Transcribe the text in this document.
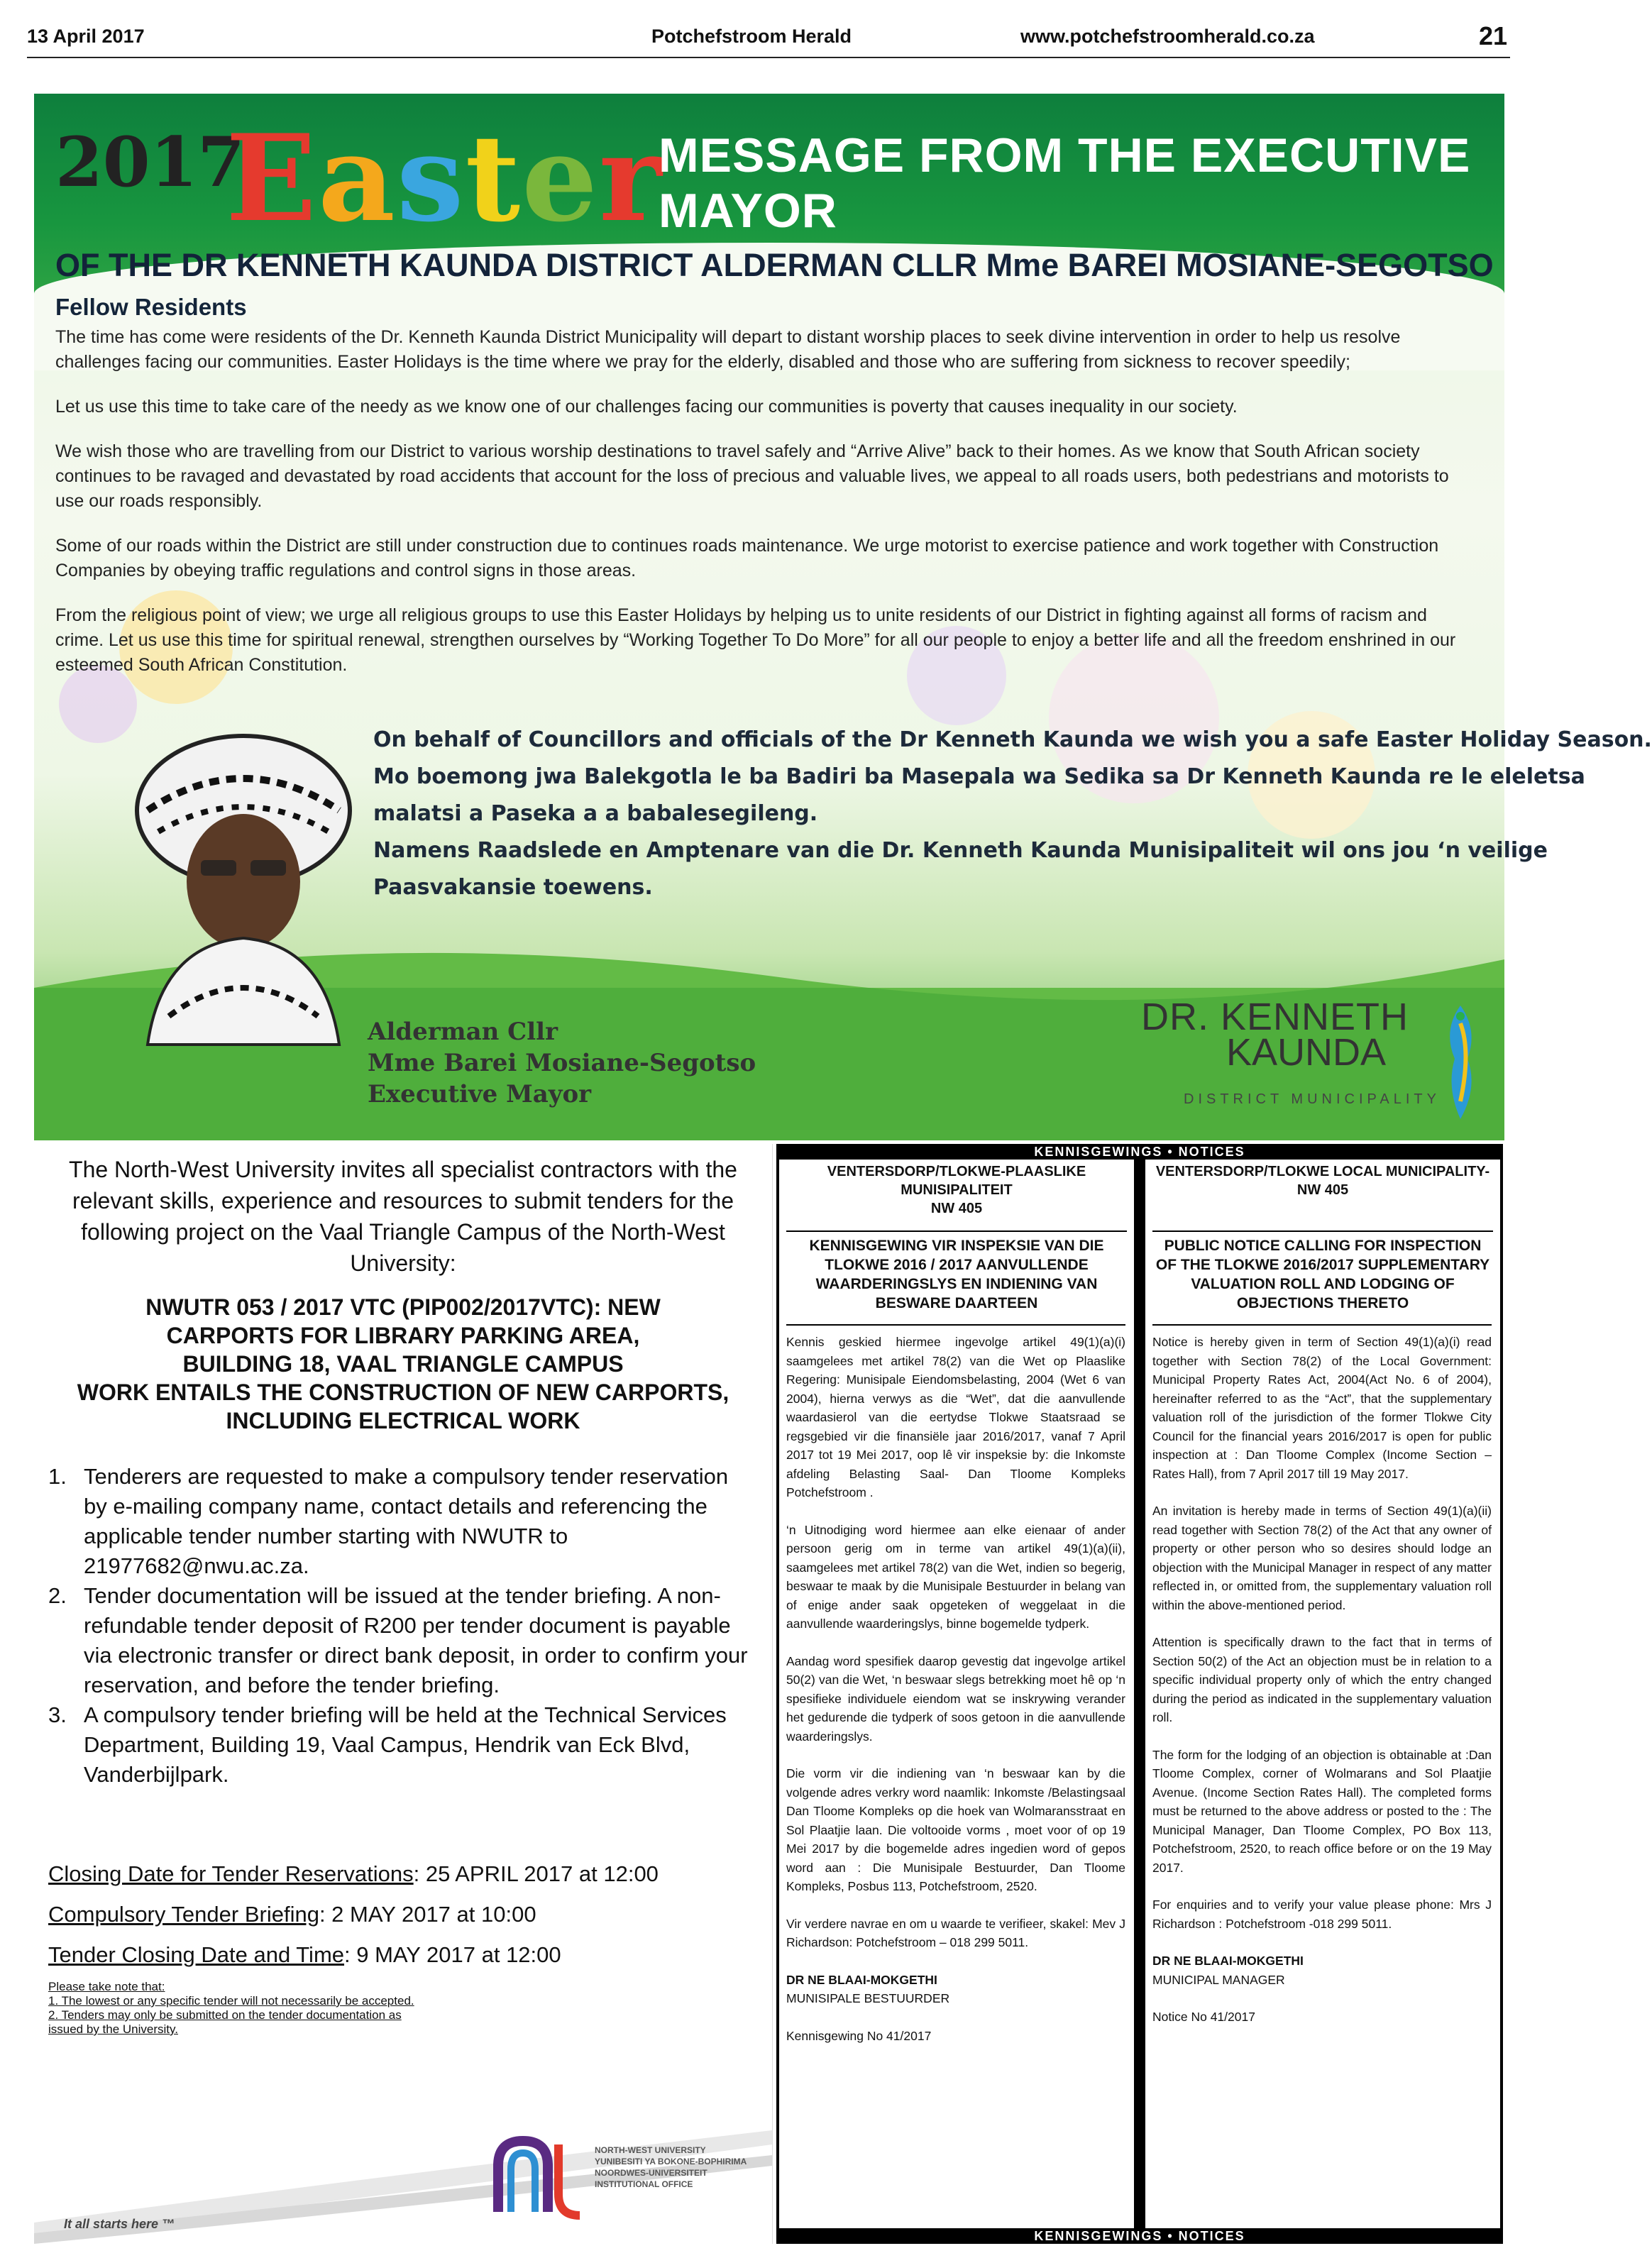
13 April 2017	Potchefstroom Herald	www.potchefstroomherald.co.za	21
2017
Easter
MESSAGE FROM THE EXECUTIVE MAYOR
OF THE DR KENNETH KAUNDA DISTRICT ALDERMAN CLLR Mme BAREI MOSIANE-SEGOTSO
Fellow Residents

The time has come were residents of the Dr. Kenneth Kaunda District Municipality will depart to distant worship places to seek divine intervention in order to help us resolve challenges facing our communities. Easter Holidays is the time where we pray for the elderly, disabled and those who are suffering from sickness to recover speedily;

Let us use this time to take care of the needy as we know one of our challenges facing our communities is poverty that causes inequality in our society.

We wish those who are travelling from our District to various worship destinations to travel safely and “Arrive Alive” back to their homes. As we know that South African society continues to be ravaged and devastated by road accidents that account for the loss of precious and valuable lives, we appeal to all roads users, both pedestrians and motorists to use our roads responsibly.

Some of our roads within the District are still under construction due to continues roads maintenance. We urge motorist to exercise patience and work together with Construction Companies by obeying traffic regulations and control signs in those areas.

From the religious point of view; we urge all religious groups to use this Easter Holidays by helping us to unite residents of our District in fighting against all forms of racism and crime. Let us use this time for spiritual renewal, strengthen ourselves by “Working Together To Do More” for all our people to enjoy a better life and all the freedom enshrined in our esteemed South African Constitution.

On behalf of Councillors and officials of the Dr Kenneth Kaunda we wish you a safe Easter Holiday Season.
Mo boemong jwa Balekgotla le ba Badiri ba Masepala wa Sedika sa Dr Kenneth Kaunda re le eleletsa
malatsi a Paseka a a babalesegileng.
Namens Raadslede en Amptenare van die Dr. Kenneth Kaunda Munisipaliteit wil ons jou ‘n veilige
Paasvakansie toewens.
Alderman Cllr
Mme Barei Mosiane-Segotso
Executive Mayor
DR. KENNETH
KAUNDA
DISTRICT MUNICIPALITY
The North-West University invites all specialist contractors with the relevant skills, experience and resources to submit tenders for the following project on the Vaal Triangle Campus of the North-West University:
NWUTR 053 / 2017 VTC (PIP002/2017VTC): NEW
CARPORTS FOR LIBRARY PARKING AREA,
BUILDING 18, VAAL TRIANGLE CAMPUS
WORK ENTAILS THE CONSTRUCTION OF NEW CARPORTS,
INCLUDING ELECTRICAL WORK
1. Tenderers are requested to make a compulsory tender reservation by e-mailing company name, contact details and referencing the applicable tender number starting with NWUTR to 21977682@nwu.ac.za.
2. Tender documentation will be issued at the tender briefing. A non-refundable tender deposit of R200 per tender document is payable via electronic transfer or direct bank deposit, in order to confirm your reservation, and before the tender briefing.
3. A compulsory tender briefing will be held at the Technical Services Department, Building 19, Vaal Campus, Hendrik van Eck Blvd, Vanderbijlpark.
Closing Date for Tender Reservations: 25 APRIL 2017 at 12:00
Compulsory Tender Briefing: 2 MAY 2017 at 10:00
Tender Closing Date and Time: 9 MAY 2017 at 12:00
Please take note that:
1. The lowest or any specific tender will not necessarily be accepted.
2. Tenders may only be submitted on the tender documentation as
issued by the University.
NORTH-WEST UNIVERSITY
YUNIBESITI YA BOKONE-BOPHIRIMA
NOORDWES-UNIVERSITEIT
INSTITUTIONAL OFFICE
It all starts here ™
KENNISGEWINGS • NOTICES
VENTERSDORP/TLOKWE-PLAASLIKE MUNISIPALITEIT
NW 405
KENNISGEWING VIR INSPEKSIE VAN DIE TLOKWE 2016 / 2017 AANVULLENDE WAARDERINGSLYS EN INDIENING VAN BESWARE DAARTEEN

Kennis geskied hiermee ingevolge artikel 49(1)(a)(i) saamgelees met artikel 78(2) van die Wet op Plaaslike Regering: Munisipale Eiendomsbelasting, 2004 (Wet 6 van 2004), hierna verwys as die “Wet”, dat die aanvullende waardasierol van die eertydse Tlokwe Staatsraad se regsgebied vir die finansiële jaar 2016/2017, vanaf 7 April 2017 tot 19 Mei 2017, oop lê vir inspeksie by: die Inkomste afdeling Belasting Saal- Dan Tloome Kompleks Potchefstroom .

‘n Uitnodiging word hiermee aan elke eienaar of ander persoon gerig om in terme van artikel 49(1)(a)(ii), saamgelees met artikel 78(2) van die Wet, indien so begerig, beswaar te maak by die Munisipale Bestuurder in belang van of enige ander saak opgeteken of weggelaat in die aanvullende waarderingslys, binne bogemelde tydperk.

Aandag word spesifiek daarop gevestig dat ingevolge artikel 50(2) van die Wet, ‘n beswaar slegs betrekking moet hê op ‘n spesifieke individuele eiendom wat se inskrywing verander het gedurende die tydperk of soos getoon in die aanvullende waarderingslys.

Die vorm vir die indiening van ‘n beswaar kan by die volgende adres verkry word naamlik: Inkomste /Belastingsaal Dan Tloome Kompleks op die hoek van Wolmaransstraat en Sol Plaatjie laan. Die voltooide vorms , moet voor of op 19 Mei 2017 by die bogemelde adres ingedien word of gepos word aan : Die Munisipale Bestuurder, Dan Tloome Kompleks, Posbus 113, Potchefstroom, 2520.

Vir verdere navrae en om u waarde te verifieer, skakel: Mev J Richardson: Potchefstroom – 018 299 5011.

DR NE BLAAI-MOKGETHI
MUNISIPALE BESTUURDER
Kennisgewing No 41/2017
VENTERSDORP/TLOKWE LOCAL MUNICIPALITY-
NW 405
PUBLIC NOTICE CALLING FOR INSPECTION OF THE TLOKWE 2016/2017 SUPPLEMENTARY VALUATION ROLL AND LODGING OF OBJECTIONS THERETO

Notice is hereby given in term of Section 49(1)(a)(i) read together with Section 78(2) of the Local Government: Municipal Property Rates Act, 2004(Act No. 6 of 2004), hereinafter referred to as the “Act”, that the supplementary valuation roll of the jurisdiction of the former Tlokwe City Council for the financial years 2016/2017 is open for public inspection at : Dan Tloome Complex (Income Section – Rates Hall), from 7 April 2017 till 19 May 2017.

An invitation is hereby made in terms of Section 49(1)(a)(ii) read together with Section 78(2) of the Act that any owner of property or other person who so desires should lodge an objection with the Municipal Manager in respect of any matter reflected in, or omitted from, the supplementary valuation roll within the above-mentioned period.

Attention is specifically drawn to the fact that in terms of Section 50(2) of the Act an objection must be in relation to a specific individual property only of which the entry changed during the period as indicated in the supplementary valuation roll.

The form for the lodging of an objection is obtainable at :Dan Tloome Complex, corner of Wolmarans and Sol Plaatjie Avenue. (Income Section Rates Hall). The completed forms must be returned to the above address or posted to the : The Municipal Manager, Dan Tloome Complex, PO Box 113, Potchefstroom, 2520, to reach office before or on the 19 May 2017.

For enquiries and to verify your value please phone: Mrs J Richardson : Potchefstroom -018 299 5011.

DR NE BLAAI-MOKGETHI
MUNICIPAL MANAGER
Notice No 41/2017
KENNISGEWINGS • NOTICES
